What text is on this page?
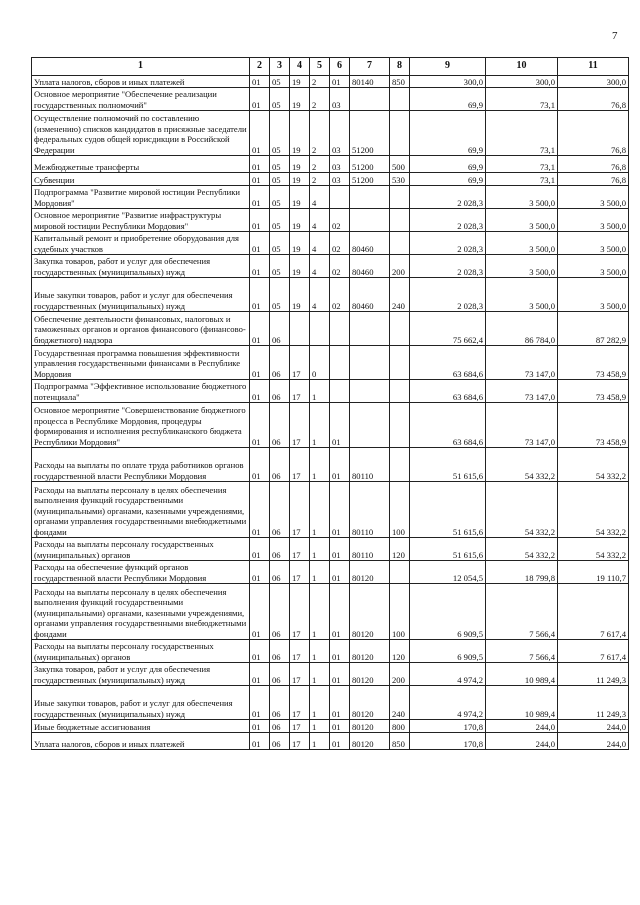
7
1	2	3	4	5	6	7	8	9	10	11
Уплата налогов, сборов и иных платежей	01	05	19	2	01	80140	850	300,0	300,0	300,0
Основное мероприятие "Обеспечение реализации государственных полномочий"	01	05	19	2	03			69,9	73,1	76,8
Осуществление полномочий по составлению (изменению) списков кандидатов в присяжные заседатели федеральных судов общей юрисдикции в Российской Федерации	01	05	19	2	03	51200		69,9	73,1	76,8
Межбюджетные трансферты	01	05	19	2	03	51200	500	69,9	73,1	76,8
Субвенции	01	05	19	2	03	51200	530	69,9	73,1	76,8
Подпрограмма "Развитие мировой юстиции Республики Мордовия"	01	05	19	4				2 028,3	3 500,0	3 500,0
Основное мероприятие "Развитие инфраструктуры мировой юстиции Республики Мордовия"	01	05	19	4	02			2 028,3	3 500,0	3 500,0
Капитальный ремонт и приобретение оборудования для судебных участков	01	05	19	4	02	80460		2 028,3	3 500,0	3 500,0
Закупка товаров, работ и услуг для обеспечения государственных (муниципальных) нужд	01	05	19	4	02	80460	200	2 028,3	3 500,0	3 500,0
Иные закупки товаров, работ и услуг для обеспечения государственных (муниципальных) нужд	01	05	19	4	02	80460	240	2 028,3	3 500,0	3 500,0
Обеспечение деятельности финансовых, налоговых и таможенных органов и органов финансового (финансово-бюджетного) надзора	01	06						75 662,4	86 784,0	87 282,9
Государственная программа повышения эффективности управления государственными финансами в Республике Мордовия	01	06	17	0				63 684,6	73 147,0	73 458,9
Подпрограмма "Эффективное использование бюджетного потенциала"	01	06	17	1				63 684,6	73 147,0	73 458,9
Основное мероприятие "Совершенствование бюджетного процесса в Республике Мордовия, процедуры формирования и исполнения республиканского бюджета Республики Мордовия"	01	06	17	1	01			63 684,6	73 147,0	73 458,9
Расходы на выплаты по оплате труда работников органов государственной власти Республики Мордовия	01	06	17	1	01	80110		51 615,6	54 332,2	54 332,2
Расходы на выплаты персоналу в целях обеспечения выполнения функций государственными (муниципальными) органами, казенными учреждениями, органами управления государственными внебюджетными фондами	01	06	17	1	01	80110	100	51 615,6	54 332,2	54 332,2
Расходы на выплаты персоналу государственных (муниципальных) органов	01	06	17	1	01	80110	120	51 615,6	54 332,2	54 332,2
Расходы на обеспечение функций органов государственной власти Республики Мордовия	01	06	17	1	01	80120		12 054,5	18 799,8	19 110,7
Расходы на выплаты персоналу в целях обеспечения выполнения функций государственными (муниципальными) органами, казенными учреждениями, органами управления государственными внебюджетными фондами	01	06	17	1	01	80120	100	6 909,5	7 566,4	7 617,4
Расходы на выплаты персоналу государственных (муниципальных) органов	01	06	17	1	01	80120	120	6 909,5	7 566,4	7 617,4
Закупка товаров, работ и услуг для обеспечения государственных (муниципальных) нужд	01	06	17	1	01	80120	200	4 974,2	10 989,4	11 249,3
Иные закупки товаров, работ и услуг для обеспечения государственных (муниципальных) нужд	01	06	17	1	01	80120	240	4 974,2	10 989,4	11 249,3
Иные бюджетные ассигнования	01	06	17	1	01	80120	800	170,8	244,0	244,0
Уплата налогов, сборов и иных платежей	01	06	17	1	01	80120	850	170,8	244,0	244,0
